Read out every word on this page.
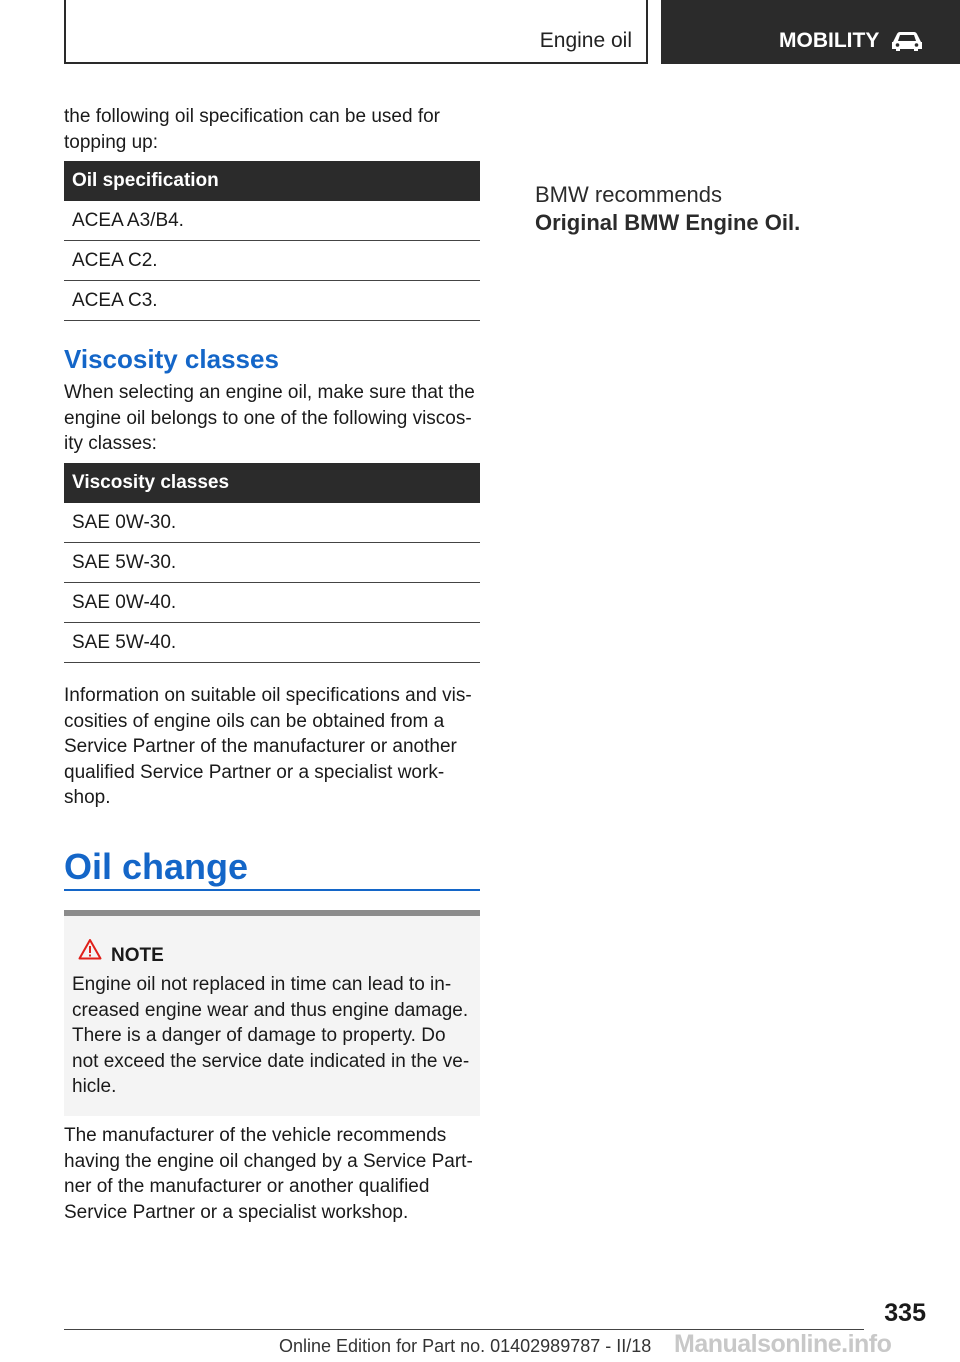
Engine oil	MOBILITY

the following oil specification can be used for topping up:

Oil specification
ACEA A3/B4.
ACEA C2.
ACEA C3.
Viscosity classes

When selecting an engine oil, make sure that the engine oil belongs to one of the following viscosity classes:

Viscosity classes
SAE 0W-30.
SAE 5W-30.
SAE 0W-40.
SAE 5W-40.

Information on suitable oil specifications and viscosities of engine oils can be obtained from a Service Partner of the manufacturer or another qualified Service Partner or a specialist workshop.

Oil change
NOTE

Engine oil not replaced in time can lead to increased engine wear and thus engine damage. There is a danger of damage to property. Do not exceed the service date indicated in the vehicle.

The manufacturer of the vehicle recommends having the engine oil changed by a Service Partner of the manufacturer or another qualified Service Partner or a specialist workshop.

BMW recommends
Original BMW Engine Oil.
335
Online Edition for Part no. 01402989787 - II/18 Manualsonline.info
